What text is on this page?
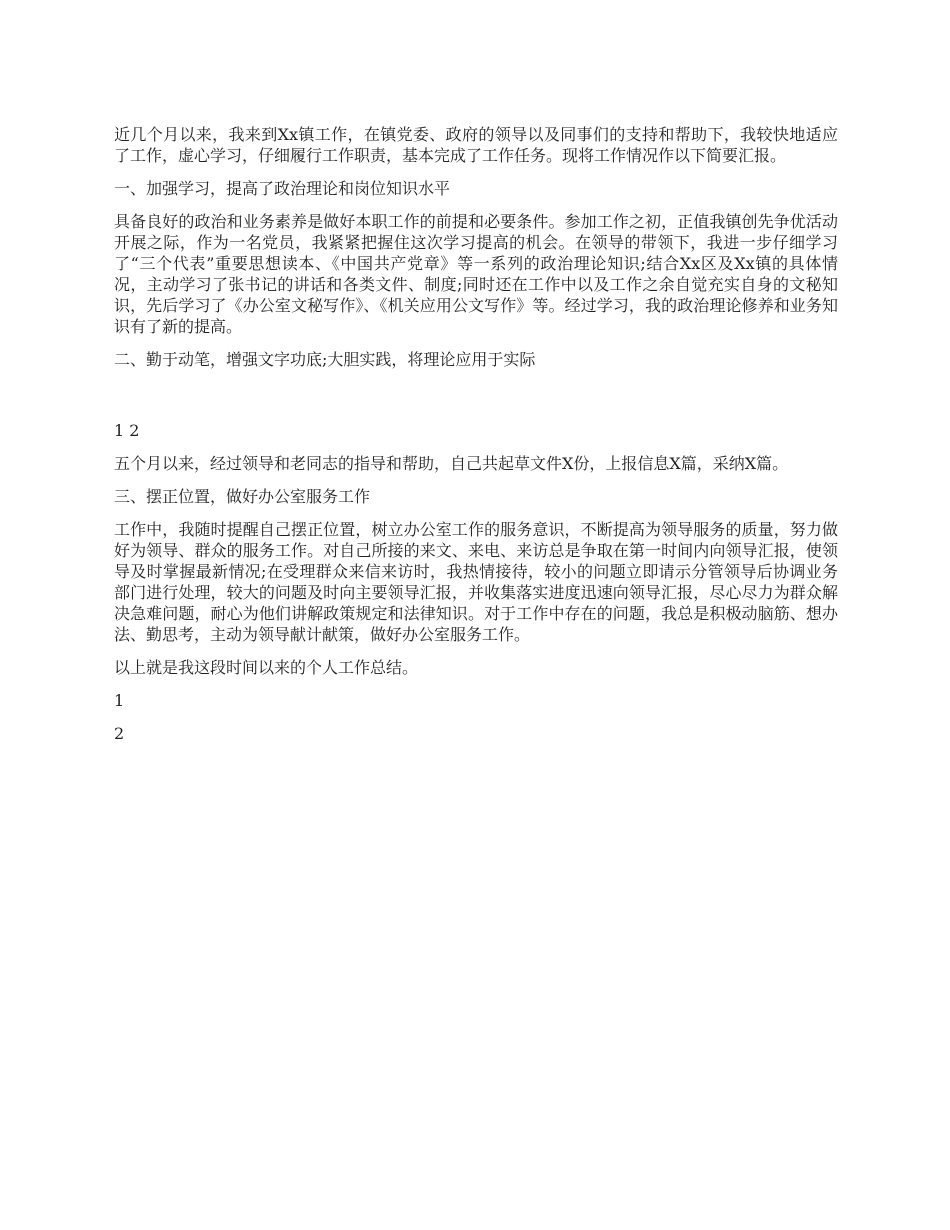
近几个月以来，我来到Xx镇工作，在镇党委、政府的领导以及同事们的支持和帮助下，我较快地适应了工作，虚心学习，仔细履行工作职责，基本完成了工作任务。现将工作情况作以下简要汇报。

一、加强学习，提高了政治理论和岗位知识水平

具备良好的政治和业务素养是做好本职工作的前提和必要条件。参加工作之初，正值我镇创先争优活动开展之际，作为一名党员，我紧紧把握住这次学习提高的机会。在领导的带领下，我进一步仔细学习了“三个代表”重要思想读本、《中国共产党章》等一系列的政治理论知识;结合Xx区及Xx镇的具体情况，主动学习了张书记的讲话和各类文件、制度;同时还在工作中以及工作之余自觉充实自身的文秘知识，先后学习了《办公室文秘写作》、《机关应用公文写作》等。经过学习，我的政治理论修养和业务知识有了新的提高。

二、勤于动笔，增强文字功底;大胆实践，将理论应用于实际

1 2

五个月以来，经过领导和老同志的指导和帮助，自己共起草文件X份，上报信息X篇，采纳X篇。

三、摆正位置，做好办公室服务工作

工作中，我随时提醒自己摆正位置，树立办公室工作的服务意识，不断提高为领导服务的质量，努力做好为领导、群众的服务工作。对自己所接的来文、来电、来访总是争取在第一时间内向领导汇报，使领导及时掌握最新情况;在受理群众来信来访时，我热情接待，较小的问题立即请示分管领导后协调业务部门进行处理，较大的问题及时向主要领导汇报，并收集落实进度迅速向领导汇报，尽心尽力为群众解决急难问题，耐心为他们讲解政策规定和法律知识。对于工作中存在的问题，我总是积极动脑筋、想办法、勤思考，主动为领导献计献策，做好办公室服务工作。

以上就是我这段时间以来的个人工作总结。

1

2
